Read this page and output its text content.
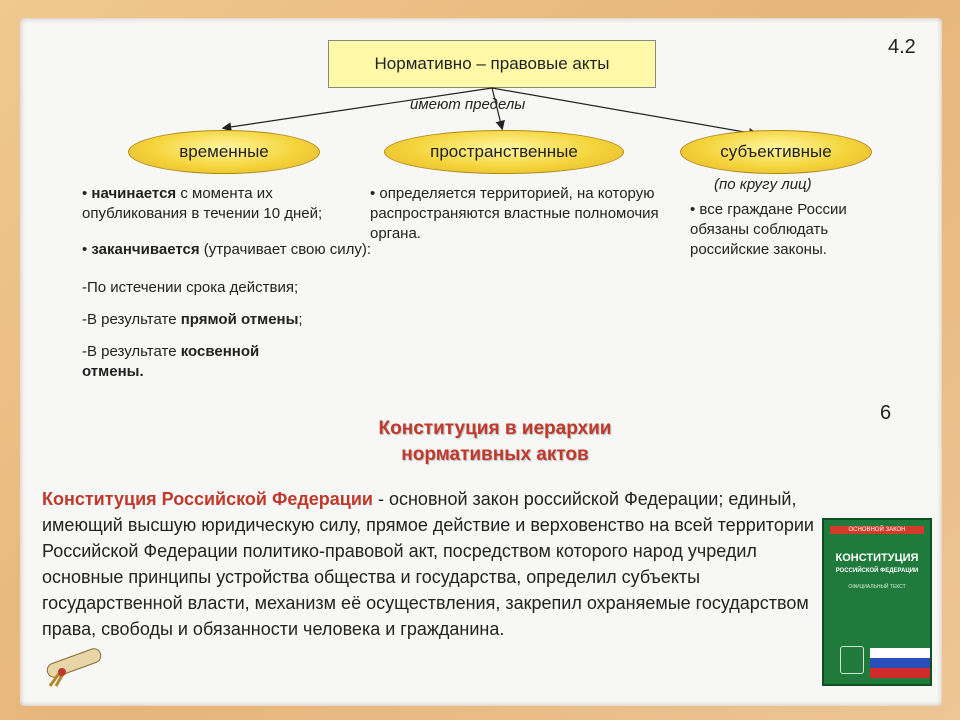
4.2
Нормативно – правовые акты
имеют пределы
временные	пространственные	субъективные
(по кругу лиц)
• начинается с момента их опубликования в течении 10 дней;
• заканчивается (утрачивает свою силу):
-По истечении срока действия;
-В результате прямой отмены;
-В результате косвенной отмены.
• определяется территорией, на которую распространяются властные полномочия органа.
• все граждане России обязаны соблюдать российские законы.
6
Конституция в иерархии
нормативных актов
Конституция Российской Федерации - основной закон российской Федерации; единый, имеющий высшую юридическую силу, прямое действие и верховенство на всей территории Российской Федерации политико-правовой акт, посредством которого народ учредил основные принципы устройства общества и государства, определил субъекты государственной власти, механизм её осуществления, закрепил охраняемые государством права, свободы и обязанности человека и гражданина.
ОСНОВНОЙ ЗАКОН
КОНСТИТУЦИЯ
РОССИЙСКОЙ ФЕДЕРАЦИИ
ОФИЦИАЛЬНЫЙ ТЕКСТ
